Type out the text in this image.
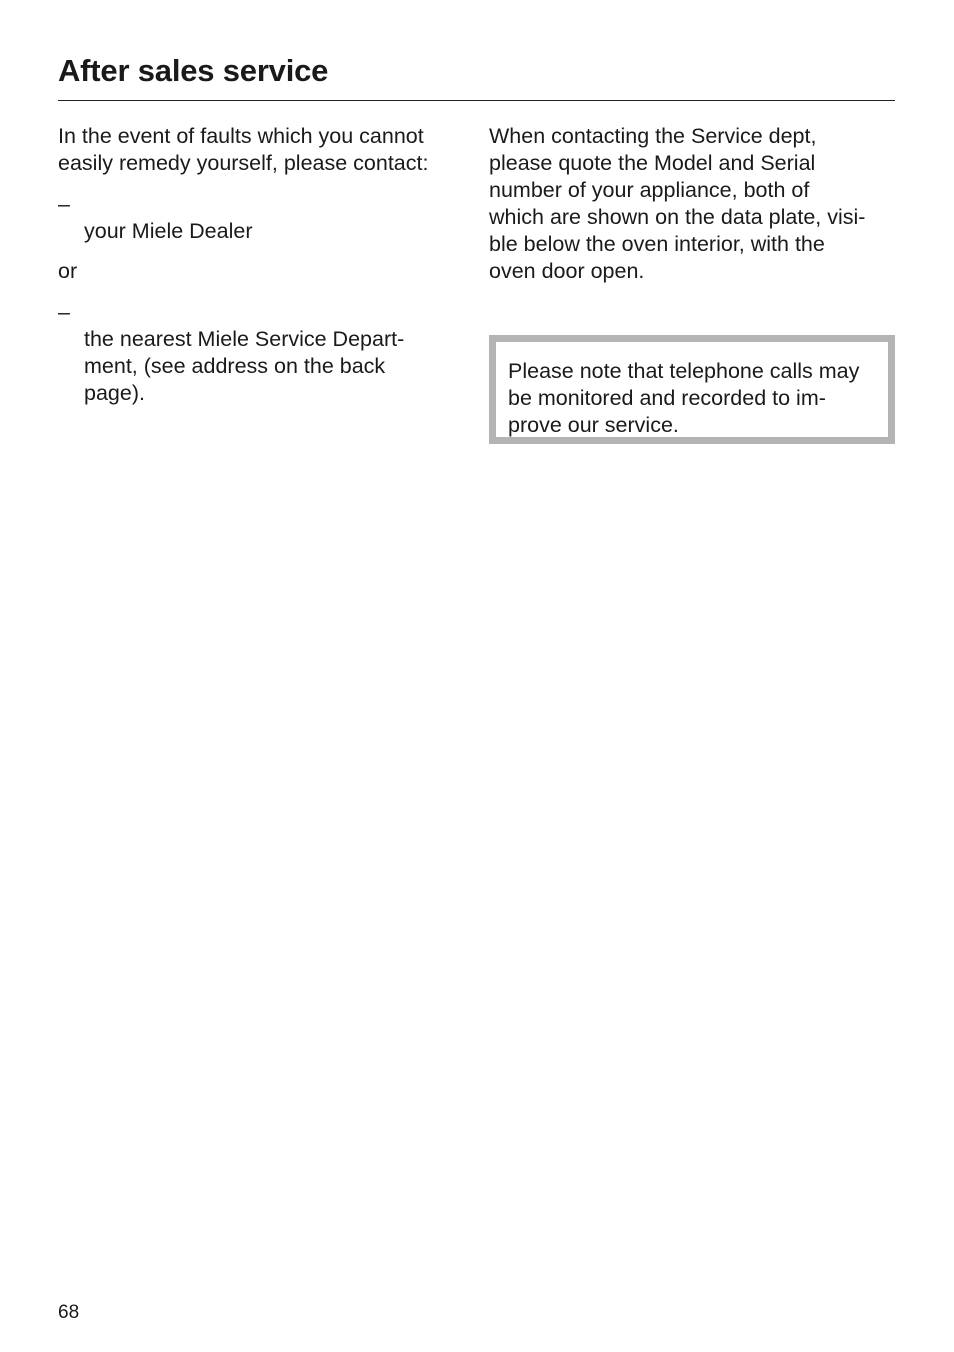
After sales service

In the event of faults which you cannot
easily remedy yourself, please contact:

–
your Miele Dealer

or

–
the nearest Miele Service Depart-
ment, (see address on the back
page).

When contacting the Service dept,
please quote the Model and Serial
number of your appliance, both of
which are shown on the data plate, visi-
ble below the oven interior, with the
oven door open.

Please note that telephone calls may
be monitored and recorded to im-
prove our service.

68
